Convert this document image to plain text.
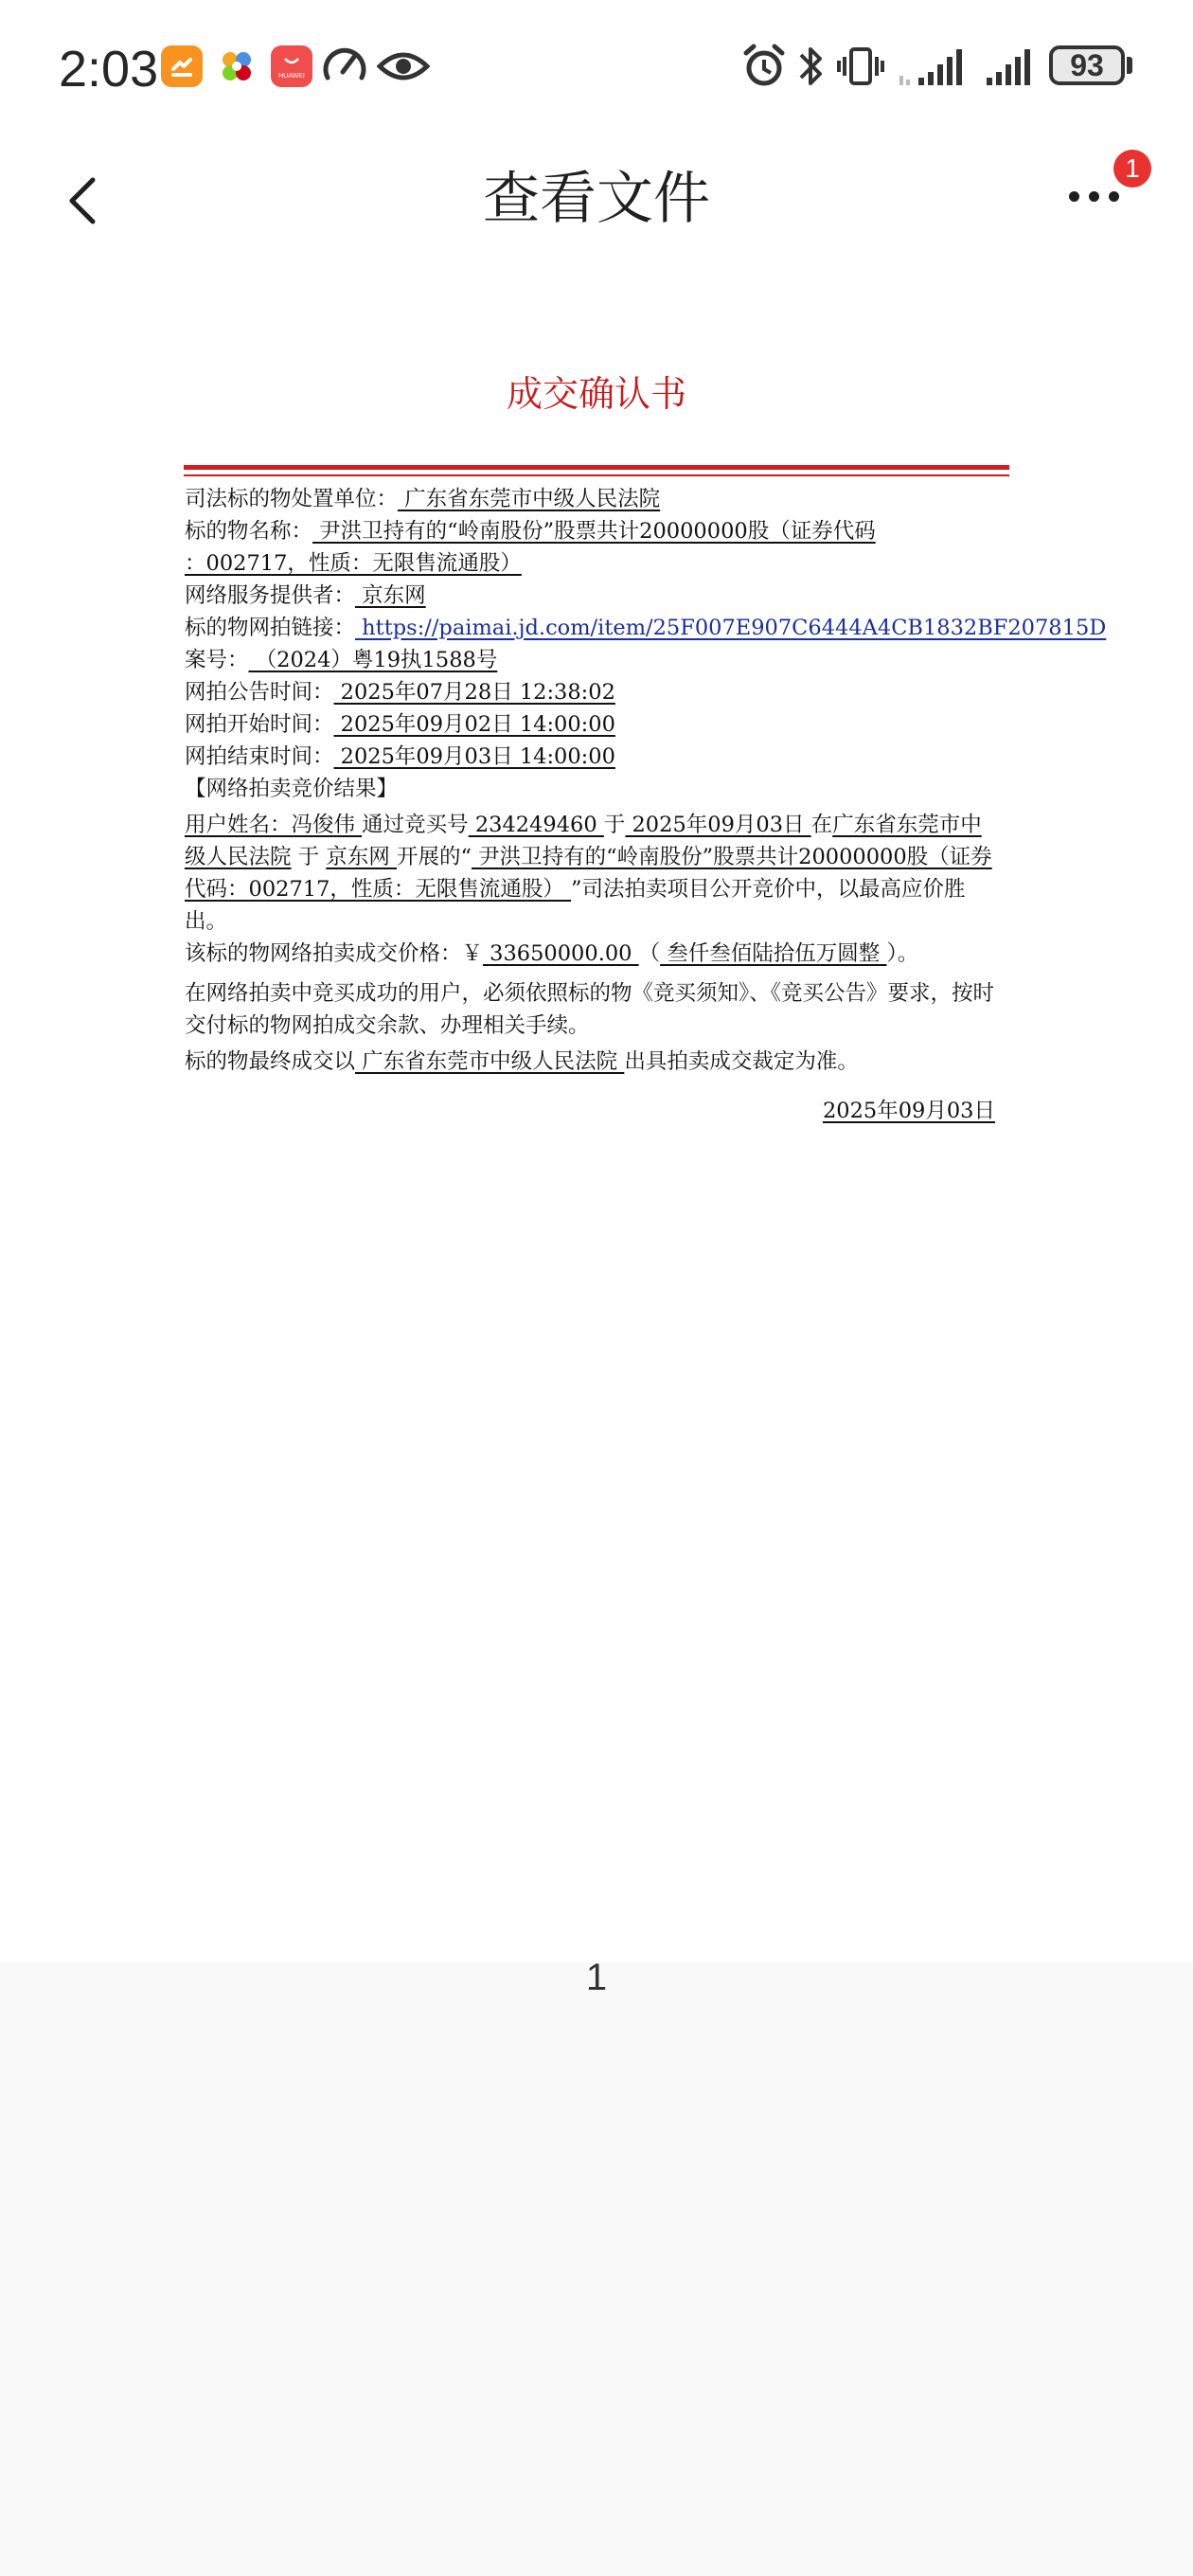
2:03	HUAWEI	93
查看文件	1
成交确认书
司法标的物处置单位： 广东省东莞市中级人民法院
标的物名称： 尹洪卫持有的“岭南股份”股票共计20000000股（证券代码
：002717，性质：无限售流通股）
网络服务提供者： 京东网
标的物网拍链接： https://paimai.jd.com/item/25F007E907C6444A4CB1832BF207815D
案号： （2024）粤19执1588号
网拍公告时间： 2025年07月28日 12:38:02
网拍开始时间： 2025年09月02日 14:00:00
网拍结束时间： 2025年09月03日 14:00:00
【网络拍卖竞价结果】
用户姓名：冯俊伟 通过竞买号 234249460 于 2025年09月03日 在广东省东莞市中级人民法院 于 京东网 开展的“ 尹洪卫持有的“岭南股份”股票共计20000000股（证券代码：002717，性质：无限售流通股） ”司法拍卖项目公开竞价中，以最高应价胜出。
该标的物网络拍卖成交价格：￥ 33650000.00 （ 叁仟叁佰陆拾伍万圆整 ）。
在网络拍卖中竞买成功的用户，必须依照标的物《竞买须知》、《竞买公告》要求，按时交付标的物网拍成交余款、办理相关手续。
标的物最终成交以 广东省东莞市中级人民法院 出具拍卖成交裁定为准。
2025年09月03日
1
